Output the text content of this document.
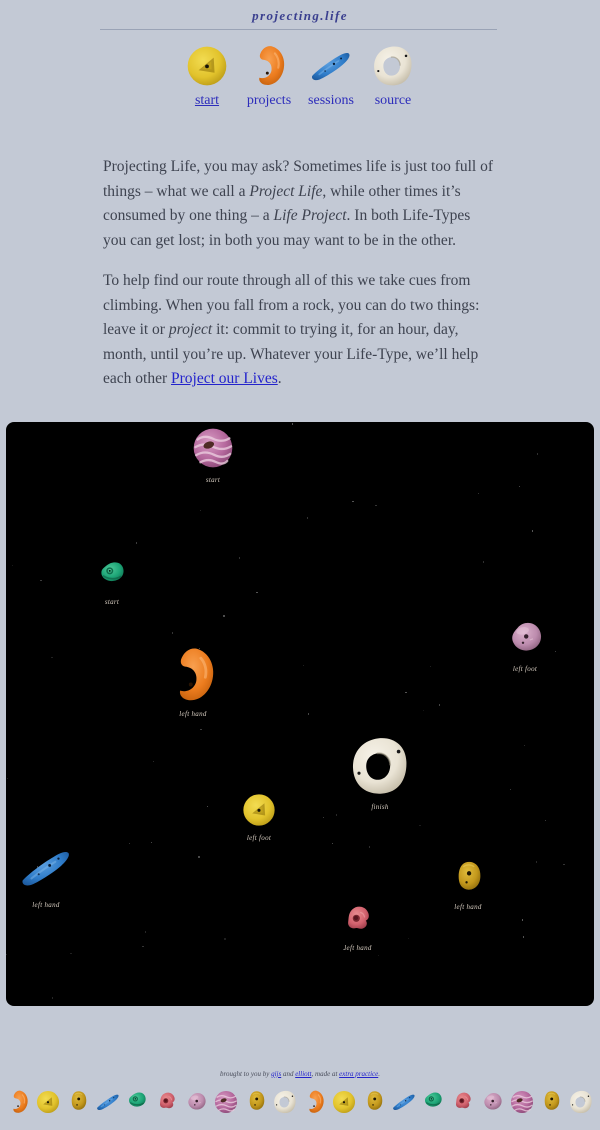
projecting.life
start projects sessions source

Projecting Life, you may ask? Sometimes life is just too full of things – what we call a Project Life, while other times it’s consumed by one thing – a Life Project. In both Life-Types you can get lost; in both you may want to be in the other.

To help find our route through all of this we take cues from climbing. When you fall from a rock, you can do two things: leave it or project it: commit to trying it, for an hour, day, month, until you’re up. Whatever your Life-Type, we’ll help each other Project our Lives.

start
start
left foot
left hand
finish
left foot
left hand	left hand
left hand
brought to you by gijs and elliott, made at extra practice.
